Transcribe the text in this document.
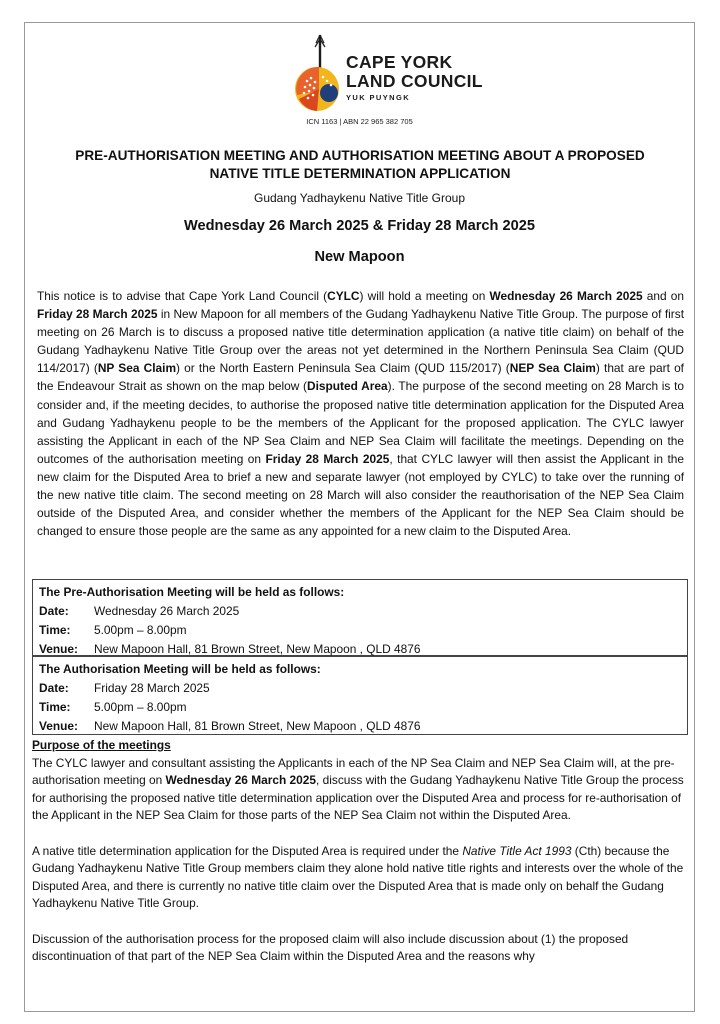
CAPE YORK
LAND COUNCIL
YUK PUYNGK
ICN 1163 | ABN 22 965 382 705
PRE-AUTHORISATION MEETING AND AUTHORISATION MEETING ABOUT A PROPOSED NATIVE TITLE DETERMINATION APPLICATION
Gudang Yadhaykenu Native Title Group
Wednesday 26 March 2025 & Friday 28 March 2025
New Mapoon

This notice is to advise that Cape York Land Council (CYLC) will hold a meeting on Wednesday 26 March 2025 and on Friday 28 March 2025 in New Mapoon for all members of the Gudang Yadhaykenu Native Title Group. The purpose of first meeting on 26 March is to discuss a proposed native title determination application (a native title claim) on behalf of the Gudang Yadhaykenu Native Title Group over the areas not yet determined in the Northern Peninsula Sea Claim (QUD 114/2017) (NP Sea Claim) or the North Eastern Peninsula Sea Claim (QUD 115/2017) (NEP Sea Claim) that are part of the Endeavour Strait as shown on the map below (Disputed Area). The purpose of the second meeting on 28 March is to consider and, if the meeting decides, to authorise the proposed native title determination application for the Disputed Area and Gudang Yadhaykenu people to be the members of the Applicant for the proposed application. The CYLC lawyer assisting the Applicant in each of the NP Sea Claim and NEP Sea Claim will facilitate the meetings. Depending on the outcomes of the authorisation meeting on Friday 28 March 2025, that CYLC lawyer will then assist the Applicant in the new claim for the Disputed Area to brief a new and separate lawyer (not employed by CYLC) to take over the running of the new native title claim. The second meeting on 28 March will also consider the reauthorisation of the NEP Sea Claim outside of the Disputed Area, and consider whether the members of the Applicant for the NEP Sea Claim should be changed to ensure those people are the same as any appointed for a new claim to the Disputed Area.

The Pre-Authorisation Meeting will be held as follows:
Date:	Wednesday 26 March 2025
Time:	5.00pm – 8.00pm
Venue:	New Mapoon Hall, 81 Brown Street, New Mapoon , QLD 4876
The Authorisation Meeting will be held as follows:
Date:	Friday 28 March 2025
Time:	5.00pm – 8.00pm
Venue:	New Mapoon Hall, 81 Brown Street, New Mapoon , QLD 4876
Purpose of the meetings

The CYLC lawyer and consultant assisting the Applicants in each of the NP Sea Claim and NEP Sea Claim will, at the pre-authorisation meeting on Wednesday 26 March 2025, discuss with the Gudang Yadhaykenu Native Title Group the process for authorising the proposed native title determination application over the Disputed Area and process for re-authorisation of the Applicant in the NEP Sea Claim for those parts of the NEP Sea Claim not within the Disputed Area.

A native title determination application for the Disputed Area is required under the Native Title Act 1993 (Cth) because the Gudang Yadhaykenu Native Title Group members claim they alone hold native title rights and interests over the whole of the Disputed Area, and there is currently no native title claim over the Disputed Area that is made only on behalf the Gudang Yadhaykenu Native Title Group.

Discussion of the authorisation process for the proposed claim will also include discussion about (1) the proposed discontinuation of that part of the NEP Sea Claim within the Disputed Area and the reasons why
